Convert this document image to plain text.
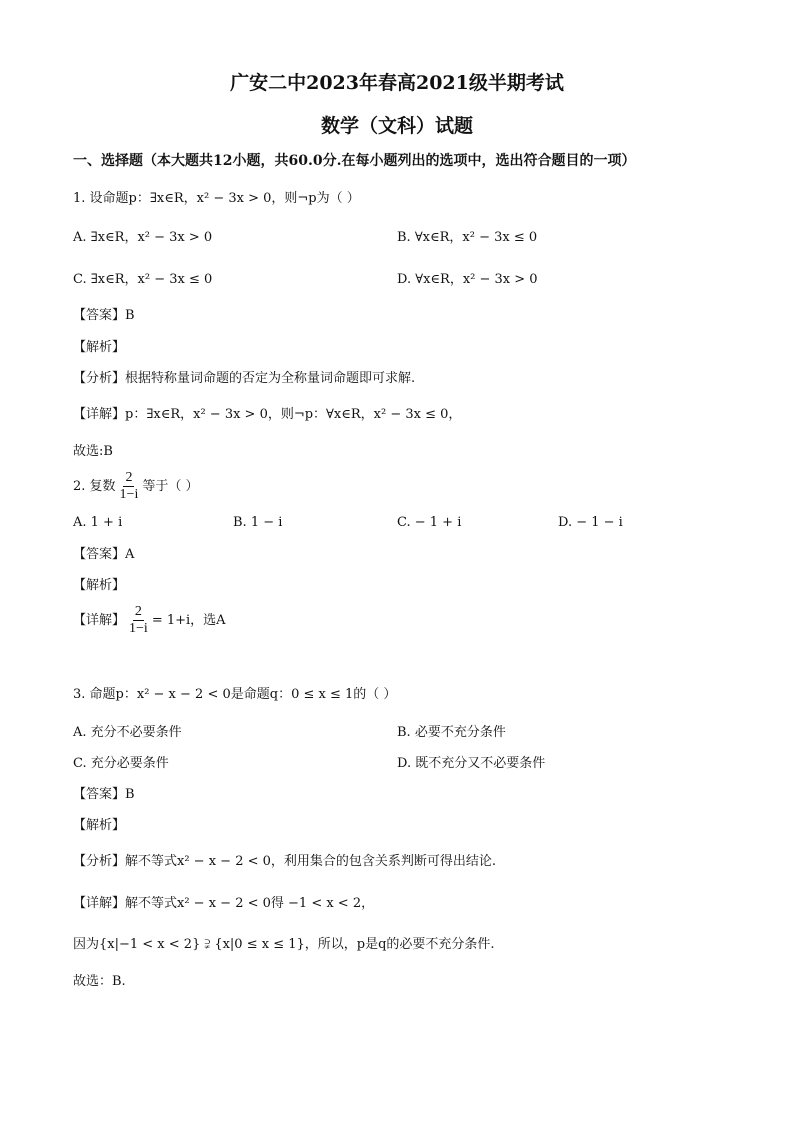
广安二中2023年春高2021级半期考试
数学（文科）试题
一、选择题（本大题共12小题，共60.0分.在每小题列出的选项中，选出符合题目的一项）
1. 设命题p：∃x∈R，x² − 3x > 0，则¬p为（ ）
A. ∃x∈R，x² − 3x > 0	B. ∀x∈R，x² − 3x ≤ 0
C. ∃x∈R，x² − 3x ≤ 0	D. ∀x∈R，x² − 3x > 0
【答案】B
【解析】
【分析】根据特称量词命题的否定为全称量词命题即可求解.
【详解】p：∃x∈R，x² − 3x > 0，则¬p：∀x∈R，x² − 3x ≤ 0，
故选:B
2. 复数 $\frac{2}{1-i}$ 等于（ ）
A. 1 + i	B. 1 − i	C. − 1 + i	D. − 1 − i
【答案】A
【解析】
【详解】 $\frac{2}{1-i} = 1+i$，选A
3. 命题p：x² − x − 2 < 0是命题q：0 ≤ x ≤ 1的（ ）
A. 充分不必要条件	B. 必要不充分条件
C. 充分必要条件	D. 既不充分又不必要条件
【答案】B
【解析】
【分析】解不等式x² − x − 2 < 0，利用集合的包含关系判断可得出结论.
【详解】解不等式x² − x − 2 < 0得 −1 < x < 2，
因为{x|−1 < x < 2} ⫌ {x|0 ≤ x ≤ 1}，所以，p是q的必要不充分条件.
故选：B.
